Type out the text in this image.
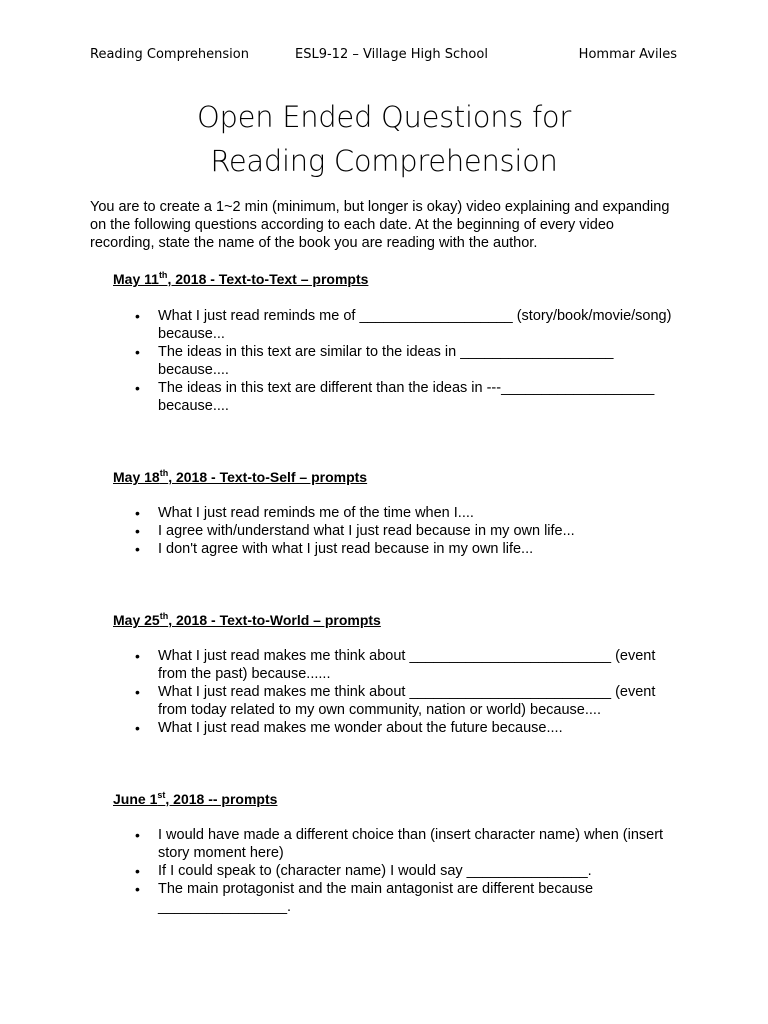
Reading Comprehension	ESL9-12 – Village High School	Hommar Aviles
Open Ended Questions for
Reading Comprehension
You are to create a 1~2 min (minimum, but longer is okay) video explaining and expanding on the following questions according to each date. At the beginning of every video recording, state the name of the book you are reading with the author.
May 11th, 2018 - Text-to-Text – prompts
• What I just read reminds me of ___________________ (story/book/movie/song) because...
• The ideas in this text are similar to the ideas in ___________________ because....
• The ideas in this text are different than the ideas in ---___________________ because....
May 18th, 2018 - Text-to-Self – prompts
• What I just read reminds me of the time when I....
• I agree with/understand what I just read because in my own life...
• I don't agree with what I just read because in my own life...
May 25th, 2018 - Text-to-World – prompts
• What I just read makes me think about _________________________ (event from the past) because......
• What I just read makes me think about _________________________ (event from today related to my own community, nation or world) because....
• What I just read makes me wonder about the future because....
June 1st, 2018 -- prompts
• I would have made a different choice than (insert character name) when (insert story moment here)
• If I could speak to (character name) I would say _______________.
• The main protagonist and the main antagonist are different because ________________.
